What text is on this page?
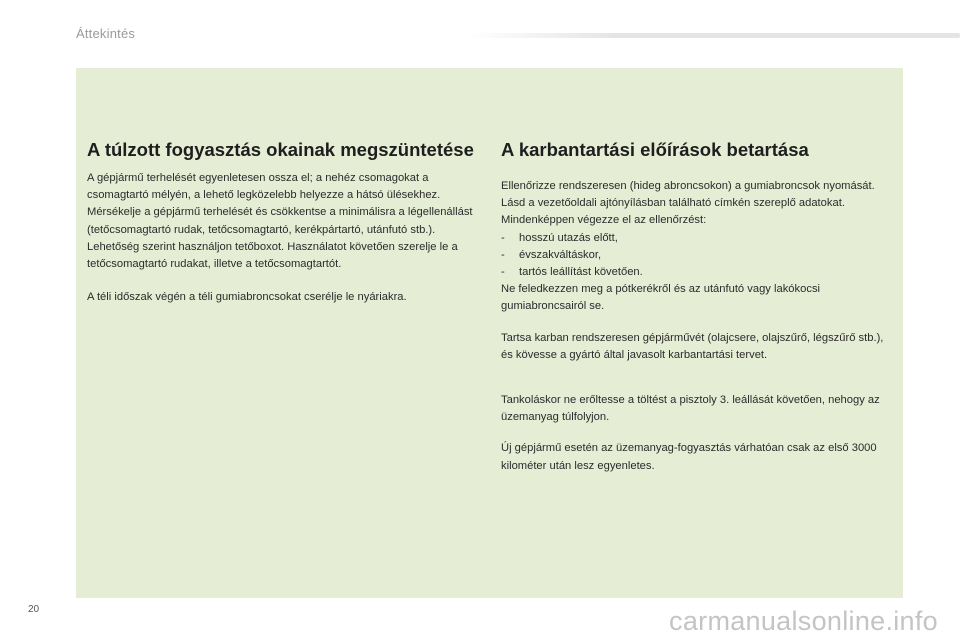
Áttekintés
A túlzott fogyasztás okainak megszüntetése

A gépjármű terhelését egyenletesen ossza el; a nehéz csomagokat a csomagtartó mélyén, a lehető legközelebb helyezze a hátsó ülésekhez. Mérsékelje a gépjármű terhelését és csökkentse a minimálisra a légellenállást (tetőcsomagtartó rudak, tetőcsomagtartó, kerékpártartó, utánfutó stb.). Lehetőség szerint használjon tetőboxot. Használatot követően szerelje le a tetőcsomagtartó rudakat, illetve a tetőcsomagtartót.

A téli időszak végén a téli gumiabroncsokat cserélje le nyáriakra.

A karbantartási előírások betartása

Ellenőrizze rendszeresen (hideg abroncsokon) a gumiabroncsok nyomását. Lásd a vezetőoldali ajtónyílásban található címkén szereplő adatokat.

Mindenképpen végezze el az ellenőrzést:

- hosszú utazás előtt,
- évszakváltáskor,
- tartós leállítást követően.

Ne feledkezzen meg a pótkerékről és az utánfutó vagy lakókocsi gumiabroncsairól se.

Tartsa karban rendszeresen gépjárművét (olajcsere, olajszűrő, légszűrő stb.), és kövesse a gyártó által javasolt karbantartási tervet.

Tankoláskor ne erőltesse a töltést a pisztoly 3. leállását követően, nehogy az üzemanyag túlfolyjon.

Új gépjármű esetén az üzemanyag-fogyasztás várhatóan csak az első 3000 kilométer után lesz egyenletes.

20	carmanualsonline.info
